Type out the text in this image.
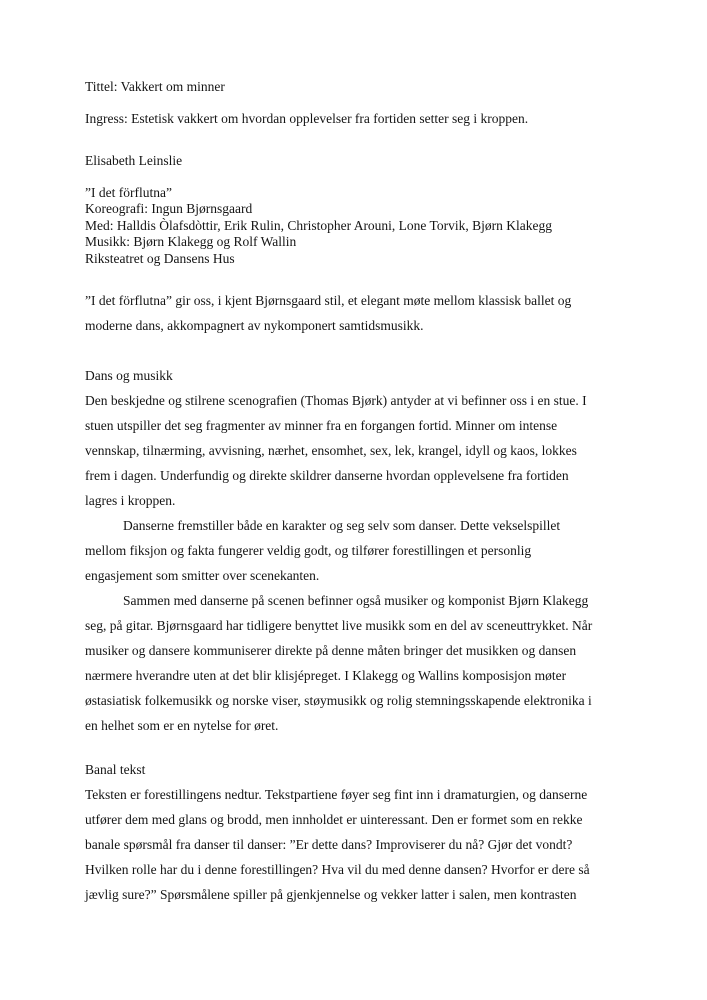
Tittel: Vakkert om minner
Ingress: Estetisk vakkert om hvordan opplevelser fra fortiden setter seg i kroppen.
Elisabeth Leinslie
”I det förflutna”
Koreografi: Ingun Bjørnsgaard
Med: Halldis Òlafsdòttir, Erik Rulin, Christopher Arouni, Lone Torvik, Bjørn Klakegg
Musikk: Bjørn Klakegg og Rolf Wallin
Riksteatret og Dansens Hus
”I det förflutna” gir oss, i kjent Bjørnsgaard stil, et elegant møte mellom klassisk ballet og
moderne dans, akkompagnert av nykomponert samtidsmusikk.
Dans og musikk
Den beskjedne og stilrene scenografien (Thomas Bjørk) antyder at vi befinner oss i en stue. I
stuen utspiller det seg fragmenter av minner fra en forgangen fortid. Minner om intense
vennskap, tilnærming, avvisning, nærhet, ensomhet, sex, lek, krangel, idyll og kaos, lokkes
frem i dagen. Underfundig og direkte skildrer danserne hvordan opplevelsene fra fortiden
lagres i kroppen.
Danserne fremstiller både en karakter og seg selv som danser. Dette vekselspillet
mellom fiksjon og fakta fungerer veldig godt, og tilfører forestillingen et personlig
engasjement som smitter over scenekanten.
Sammen med danserne på scenen befinner også musiker og komponist Bjørn Klakegg
seg, på gitar. Bjørnsgaard har tidligere benyttet live musikk som en del av sceneuttrykket. Når
musiker og dansere kommuniserer direkte på denne måten bringer det musikken og dansen
nærmere hverandre uten at det blir klisjépreget. I Klakegg og Wallins komposisjon møter
østasiatisk folkemusikk og norske viser, støymusikk og rolig stemningsskapende elektronika i
en helhet som er en nytelse for øret.
Banal tekst
Teksten er forestillingens nedtur. Tekstpartiene føyer seg fint inn i dramaturgien, og danserne
utfører dem med glans og brodd, men innholdet er uinteressant. Den er formet som en rekke
banale spørsmål fra danser til danser: ”Er dette dans? Improviserer du nå? Gjør det vondt?
Hvilken rolle har du i denne forestillingen? Hva vil du med denne dansen? Hvorfor er dere så
jævlig sure?” Spørsmålene spiller på gjenkjennelse og vekker latter i salen, men kontrasten
